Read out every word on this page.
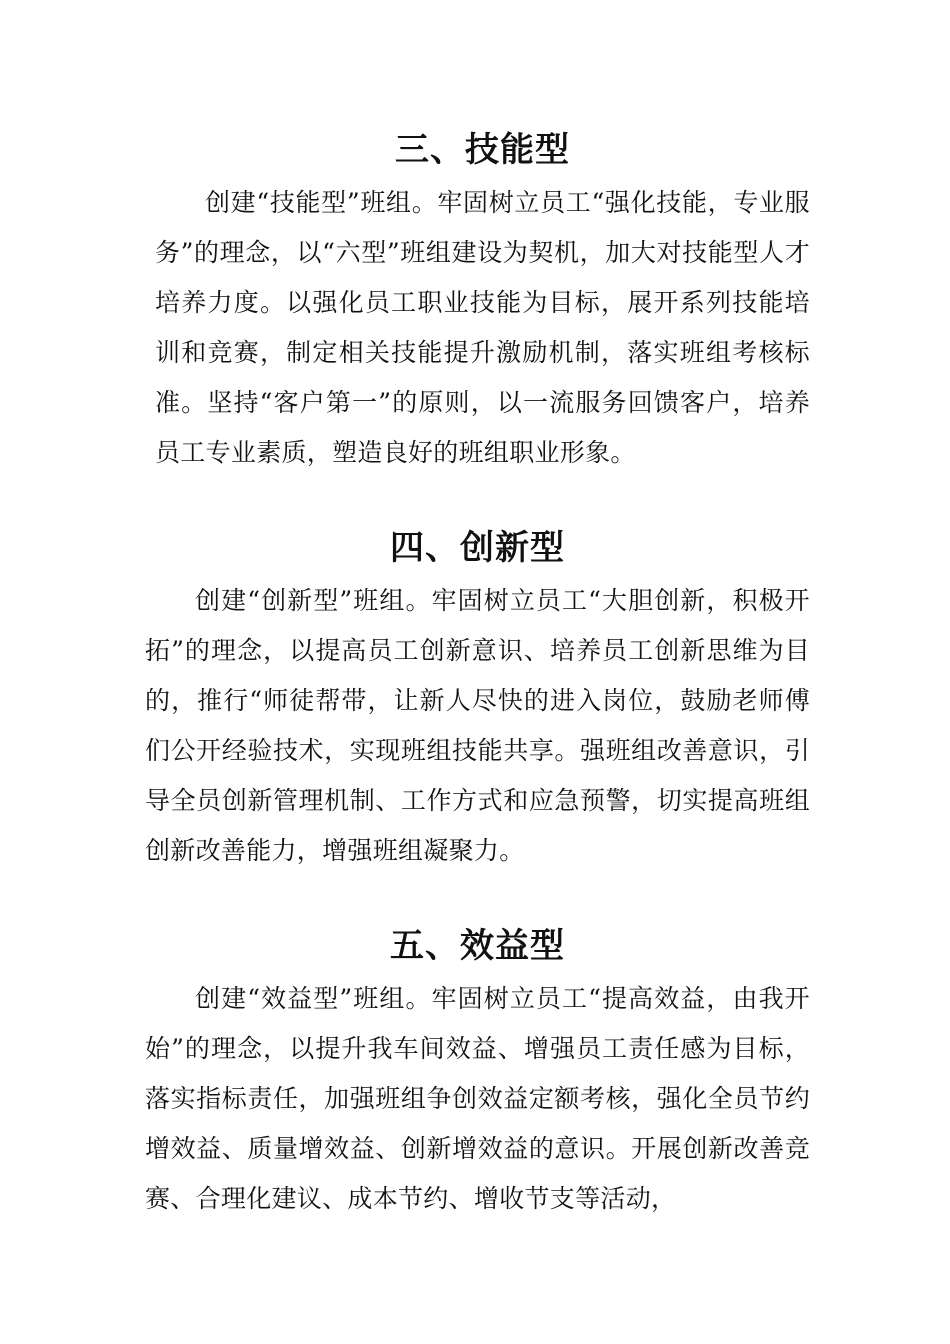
三、技能型

创建“技能型”班组。牢固树立员工“强化技能，专业服务”的理念，以“六型”班组建设为契机，加大对技能型人才培养力度。以强化员工职业技能为目标，展开系列技能培训和竞赛，制定相关技能提升激励机制，落实班组考核标准。坚持“客户第一”的原则，以一流服务回馈客户，培养员工专业素质，塑造良好的班组职业形象。

四、创新型

创建“创新型”班组。牢固树立员工“大胆创新，积极开拓”的理念，以提高员工创新意识、培养员工创新思维为目的，推行“师徒帮带，让新人尽快的进入岗位，鼓励老师傅们公开经验技术，实现班组技能共享。强班组改善意识，引导全员创新管理机制、工作方式和应急预警，切实提高班组创新改善能力，增强班组凝聚力。

五、效益型

创建“效益型”班组。牢固树立员工“提高效益，由我开始”的理念，以提升我车间效益、增强员工责任感为目标，落实指标责任，加强班组争创效益定额考核，强化全员节约增效益、质量增效益、创新增效益的意识。开展创新改善竞赛、合理化建议、成本节约、增收节支等活动，
